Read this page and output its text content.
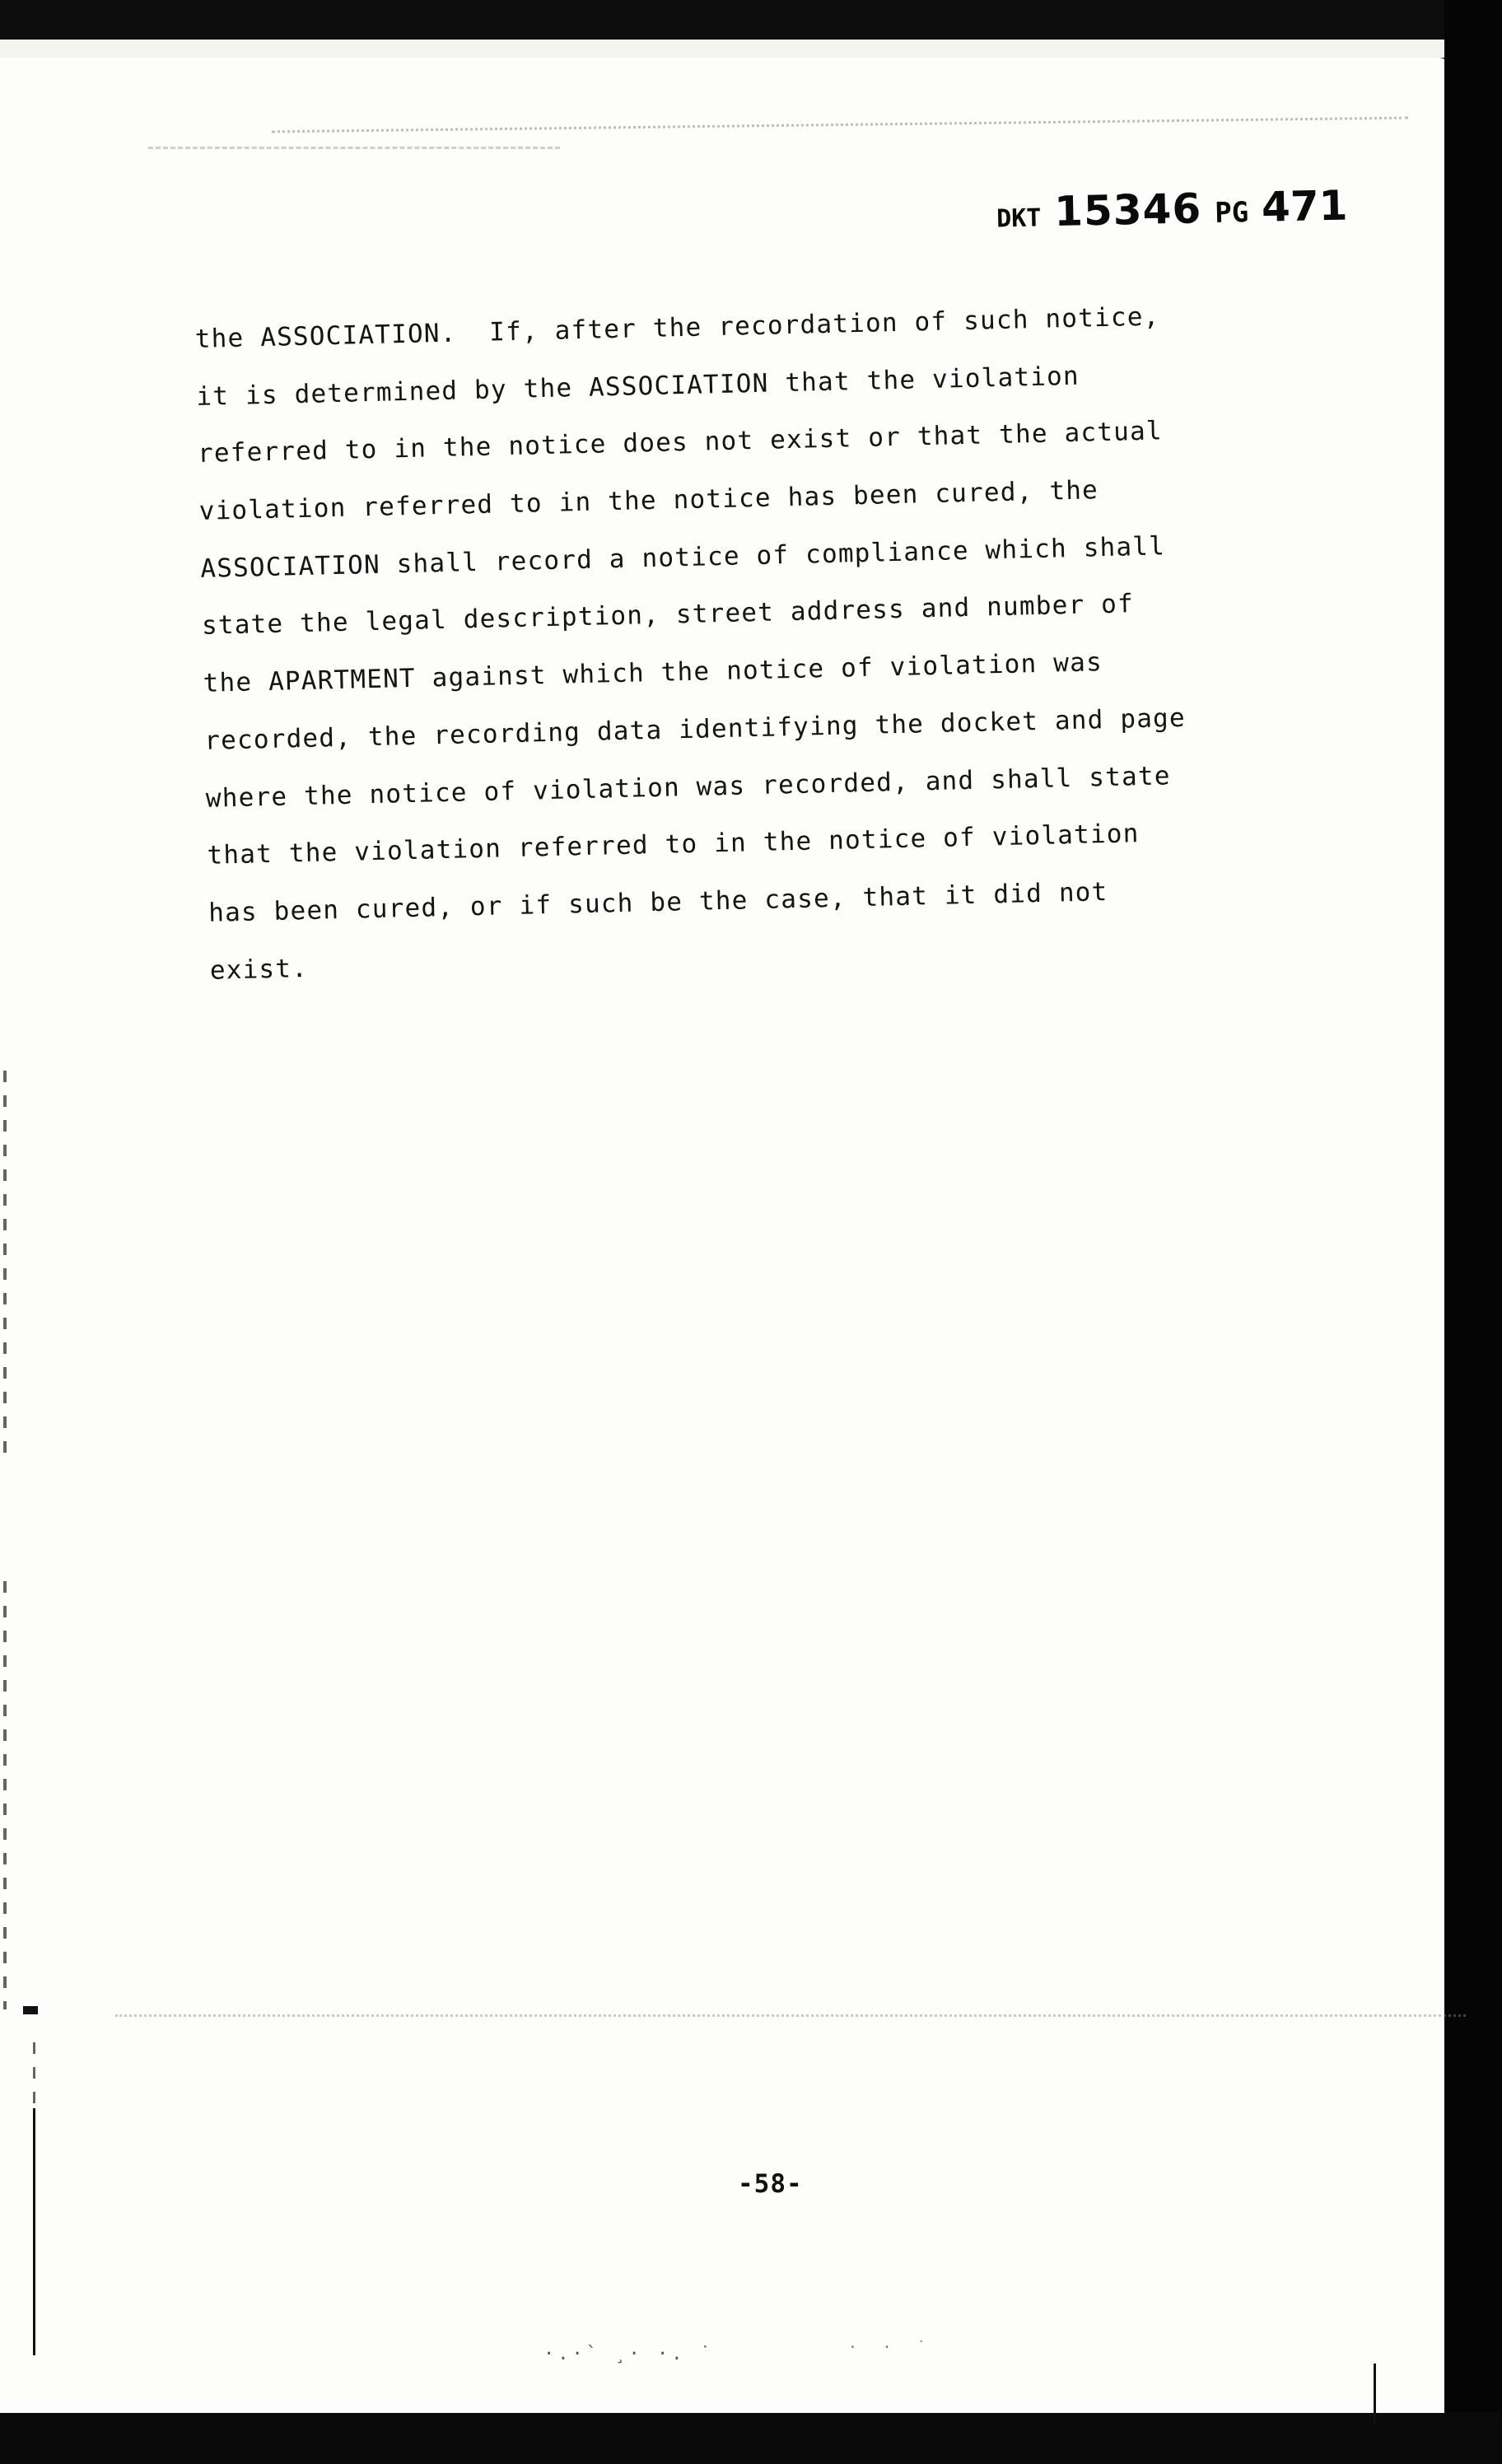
·.·` ¸· ·. ˙	· · ˙
DKT 15346 PG 471
the ASSOCIATION.  If, after the recordation of such notice,
it is determined by the ASSOCIATION that the violation
referred to in the notice does not exist or that the actual
violation referred to in the notice has been cured, the
ASSOCIATION shall record a notice of compliance which shall
state the legal description, street address and number of
the APARTMENT against which the notice of violation was
recorded, the recording data identifying the docket and page
where the notice of violation was recorded, and shall state
that the violation referred to in the notice of violation
has been cured, or if such be the case, that it did not
exist.
-58-
